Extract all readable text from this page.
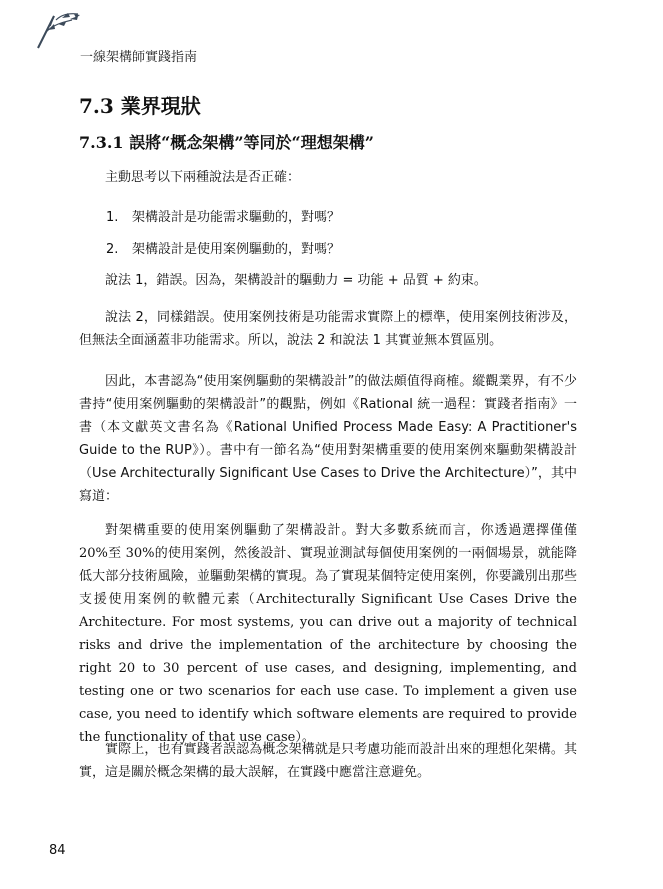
一線架構師實踐指南
7.3 業界現狀
7.3.1 誤將“概念架構”等同於“理想架構”
主動思考以下兩種說法是否正確：
1. 架構設計是功能需求驅動的，對嗎？
2. 架構設計是使用案例驅動的，對嗎？
說法 1，錯誤。因為，架構設計的驅動力 = 功能 + 品質 + 約束。
說法 2，同樣錯誤。使用案例技術是功能需求實際上的標準，使用案例技術涉及，但無法全面涵蓋非功能需求。所以，說法 2 和說法 1 其實並無本質區別。
因此，本書認為“使用案例驅動的架構設計”的做法頗值得商榷。縱觀業界，有不少書持“使用案例驅動的架構設計”的觀點，例如《Rational 統一過程：實踐者指南》一書（本文獻英文書名為《Rational Unified Process Made Easy: A Practitioner's Guide to the RUP》）。書中有一節名為“使用對架構重要的使用案例來驅動架構設計（Use Architecturally Significant Use Cases to Drive the Architecture）”，其中寫道：
對架構重要的使用案例驅動了架構設計。對大多數系統而言，你透過選擇僅僅 20%至 30%的使用案例，然後設計、實現並測試每個使用案例的一兩個場景，就能降低大部分技術風險，並驅動架構的實現。為了實現某個特定使用案例，你要識別出那些支援使用案例的軟體元素（Architecturally Significant Use Cases Drive the Architecture. For most systems, you can drive out a majority of technical risks and drive the implementation of the architecture by choosing the right 20 to 30 percent of use cases, and designing, implementing, and testing one or two scenarios for each use case. To implement a given use case, you need to identify which software elements are required to provide the functionality of that use case）。
實際上，也有實踐者誤認為概念架構就是只考慮功能而設計出來的理想化架構。其實，這是關於概念架構的最大誤解，在實踐中應當注意避免。
84
